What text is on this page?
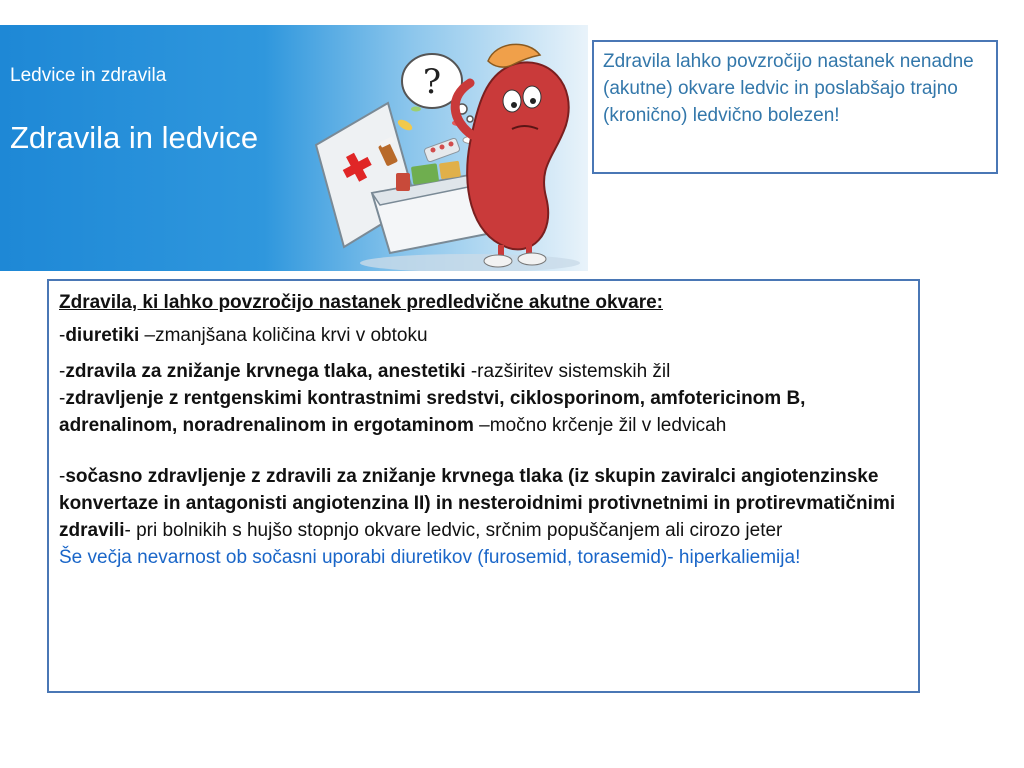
?
Ledvice in zdravila
Zdravila in ledvice
Zdravila lahko povzročijo nastanek nenadne (akutne) okvare ledvic in poslabšajo trajno (kronično) ledvično bolezen!

Zdravila, ki lahko povzročijo nastanek predledvične akutne okvare:

-diuretiki –zmanjšana količina krvi v obtoku

-zdravila za znižanje krvnega tlaka, anestetiki -razširitev sistemskih žil

-zdravljenje z rentgenskimi kontrastnimi sredstvi, ciklosporinom, amfotericinom B, adrenalinom, noradrenalinom in ergotaminom –močno krčenje žil v ledvicah

-sočasno zdravljenje z zdravili za znižanje krvnega tlaka (iz skupin zaviralci angiotenzinske konvertaze in antagonisti angiotenzina II) in nesteroidnimi protivnetnimi in protirevmatičnimi zdravili- pri bolnikih s hujšo stopnjo okvare ledvic, srčnim popuščanjem ali cirozo jeter

Še večja nevarnost ob sočasni uporabi diuretikov (furosemid, torasemid)- hiperkaliemija!
